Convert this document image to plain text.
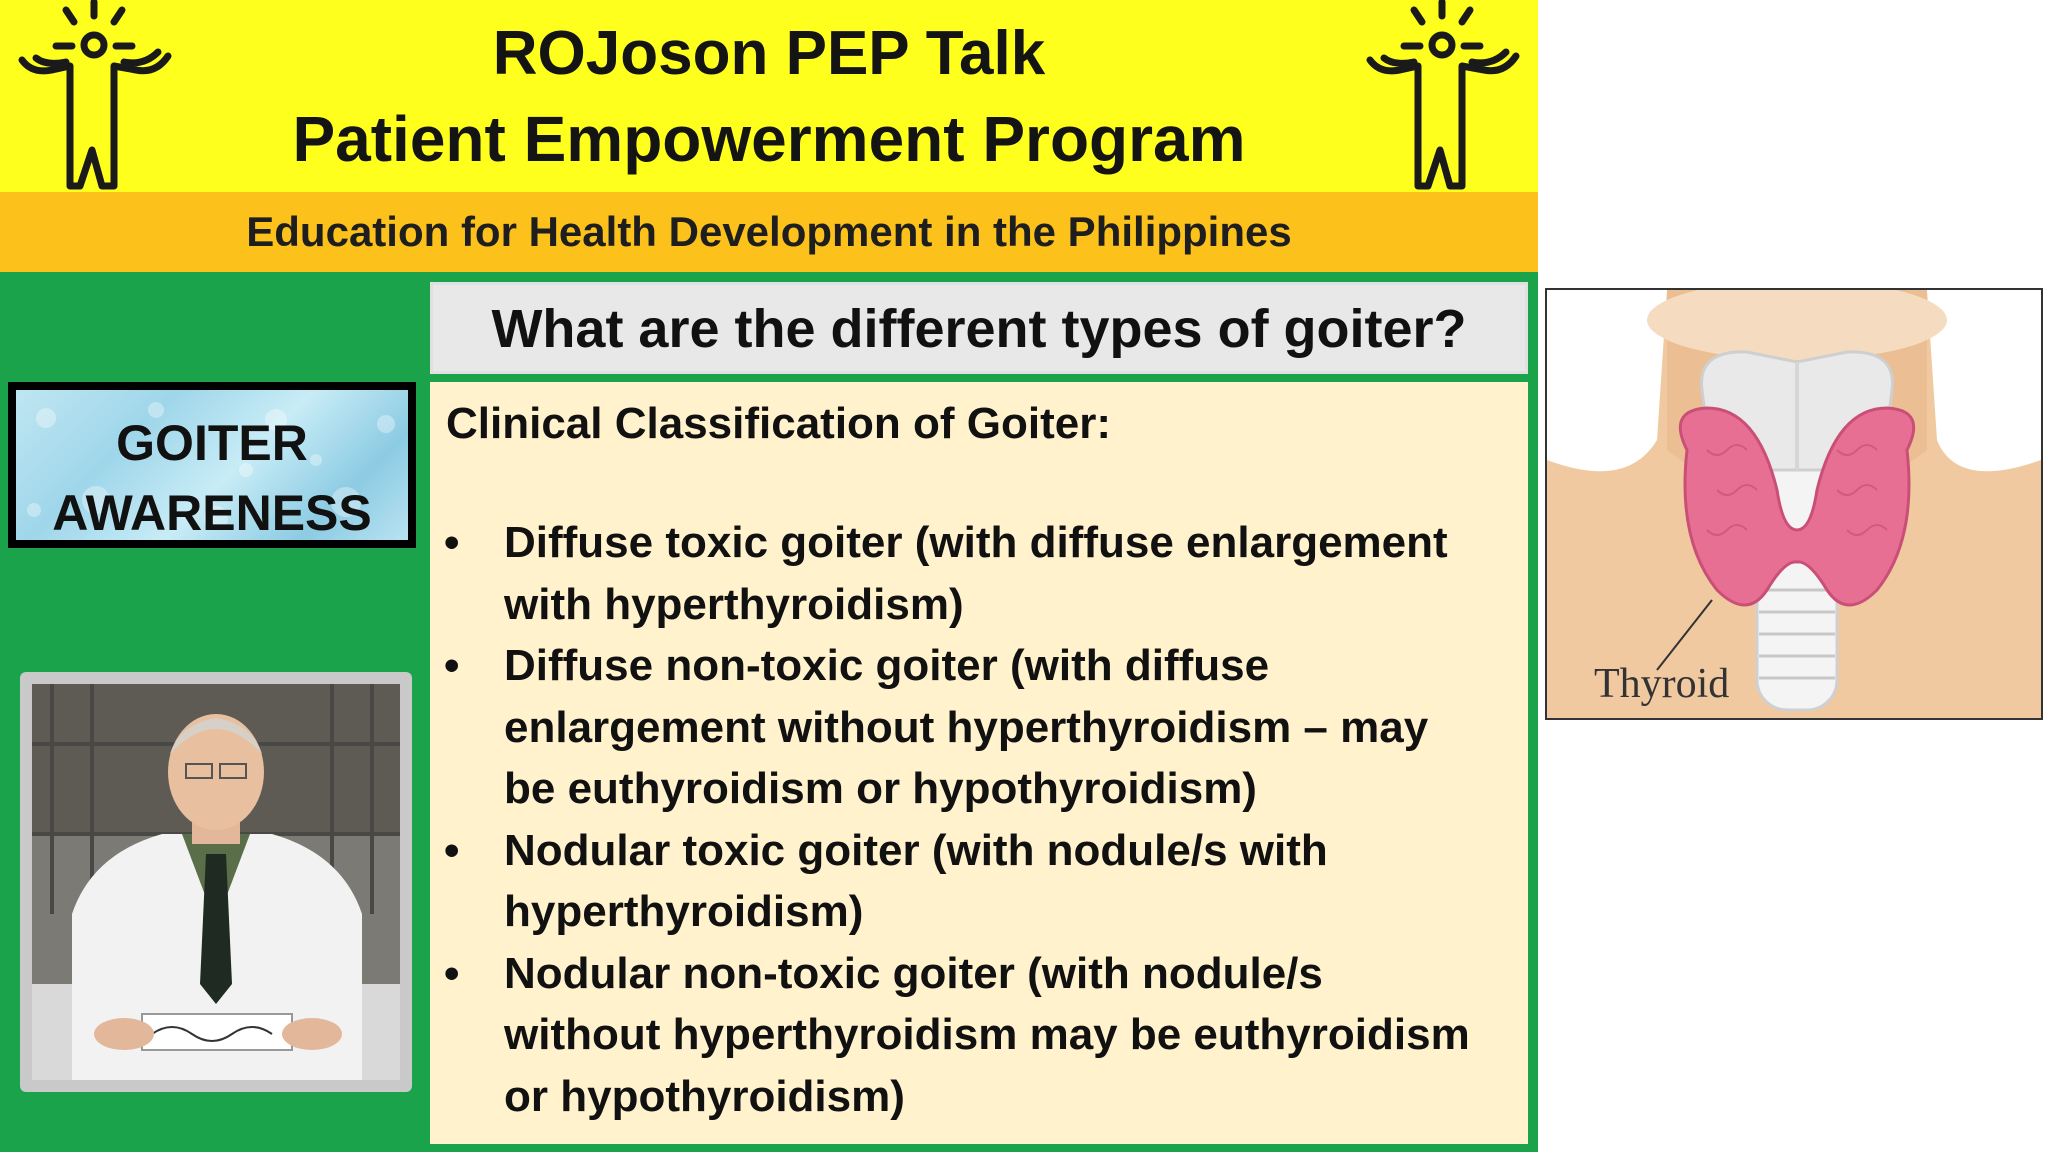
ROJoson PEP Talk
Patient Empowerment Program
Education for Health Development in the Philippines
GOITER
AWARENESS
What are the different types of goiter?
Clinical Classification of Goiter:
•	Diffuse toxic goiter (with diffuse enlargement
with hyperthyroidism)
•	Diffuse non-toxic goiter (with diffuse
enlargement without hyperthyroidism – may
be euthyroidism or hypothyroidism)
•	Nodular toxic goiter (with nodule/s with
hyperthyroidism)
•	Nodular non-toxic goiter (with nodule/s
without hyperthyroidism may be euthyroidism
or hypothyroidism)
Thyroid
